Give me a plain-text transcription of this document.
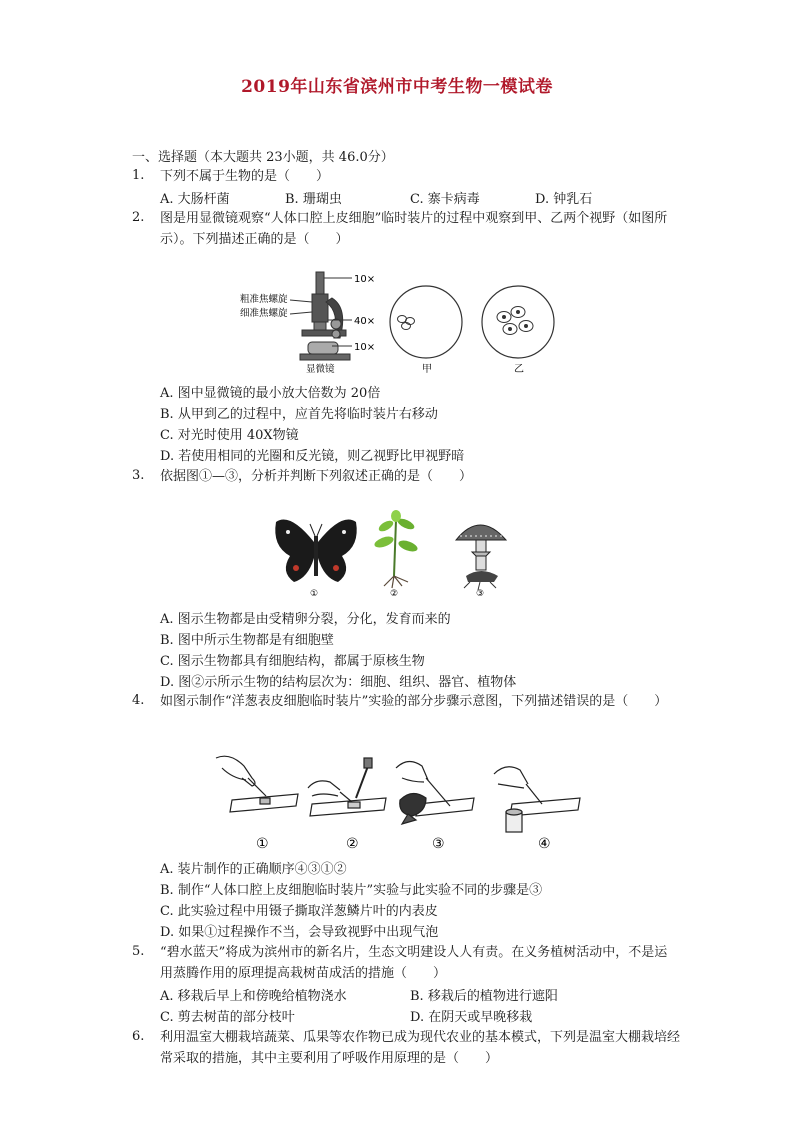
2019年山东省滨州市中考生物一模试卷
一、选择题（本大题共 23小题，共 46.0分）
1. 下列不属于生物的是（　　）
A. 大肠杆菌	B. 珊瑚虫	C. 寨卡病毒	D. 钟乳石
2. 图是用显微镜观察“人体口腔上皮细胞”临时装片的过程中观察到甲、乙两个视野（如图所示）。下列描述正确的是（　　）
10×
粗准焦螺旋
细准焦螺旋
40×
10×
显微镜	甲	乙
A. 图中显微镜的最小放大倍数为 20倍
B. 从甲到乙的过程中，应首先将临时装片右移动
C. 对光时使用 40X物镜
D. 若使用相同的光圈和反光镜，则乙视野比甲视野暗
3. 依据图①—③，分析并判断下列叙述正确的是（　　）
①	②	③
A. 图示生物都是由受精卵分裂，分化，发育而来的
B. 图中所示生物都是有细胞壁
C. 图示生物都具有细胞结构，都属于原核生物
D. 图②示所示生物的结构层次为：细胞、组织、器官、植物体
4. 如图示制作“洋葱表皮细胞临时装片”实验的部分步骤示意图，下列描述错误的是（　　）
①	②	③	④
A. 装片制作的正确顺序④③①②
B. 制作“人体口腔上皮细胞临时装片”实验与此实验不同的步骤是③
C. 此实验过程中用镊子撕取洋葱鳞片叶的内表皮
D. 如果①过程操作不当，会导致视野中出现气泡
5. “碧水蓝天”将成为滨州市的新名片，生态文明建设人人有责。在义务植树活动中，不是运用蒸腾作用的原理提高栽树苗成活的措施（　　）
A. 移栽后早上和傍晚给植物浇水	B. 移栽后的植物进行遮阳
C. 剪去树苗的部分枝叶	D. 在阴天或早晚移栽
6. 利用温室大棚栽培蔬菜、瓜果等农作物已成为现代农业的基本模式，下列是温室大棚栽培经常采取的措施，其中主要利用了呼吸作用原理的是（　　）
